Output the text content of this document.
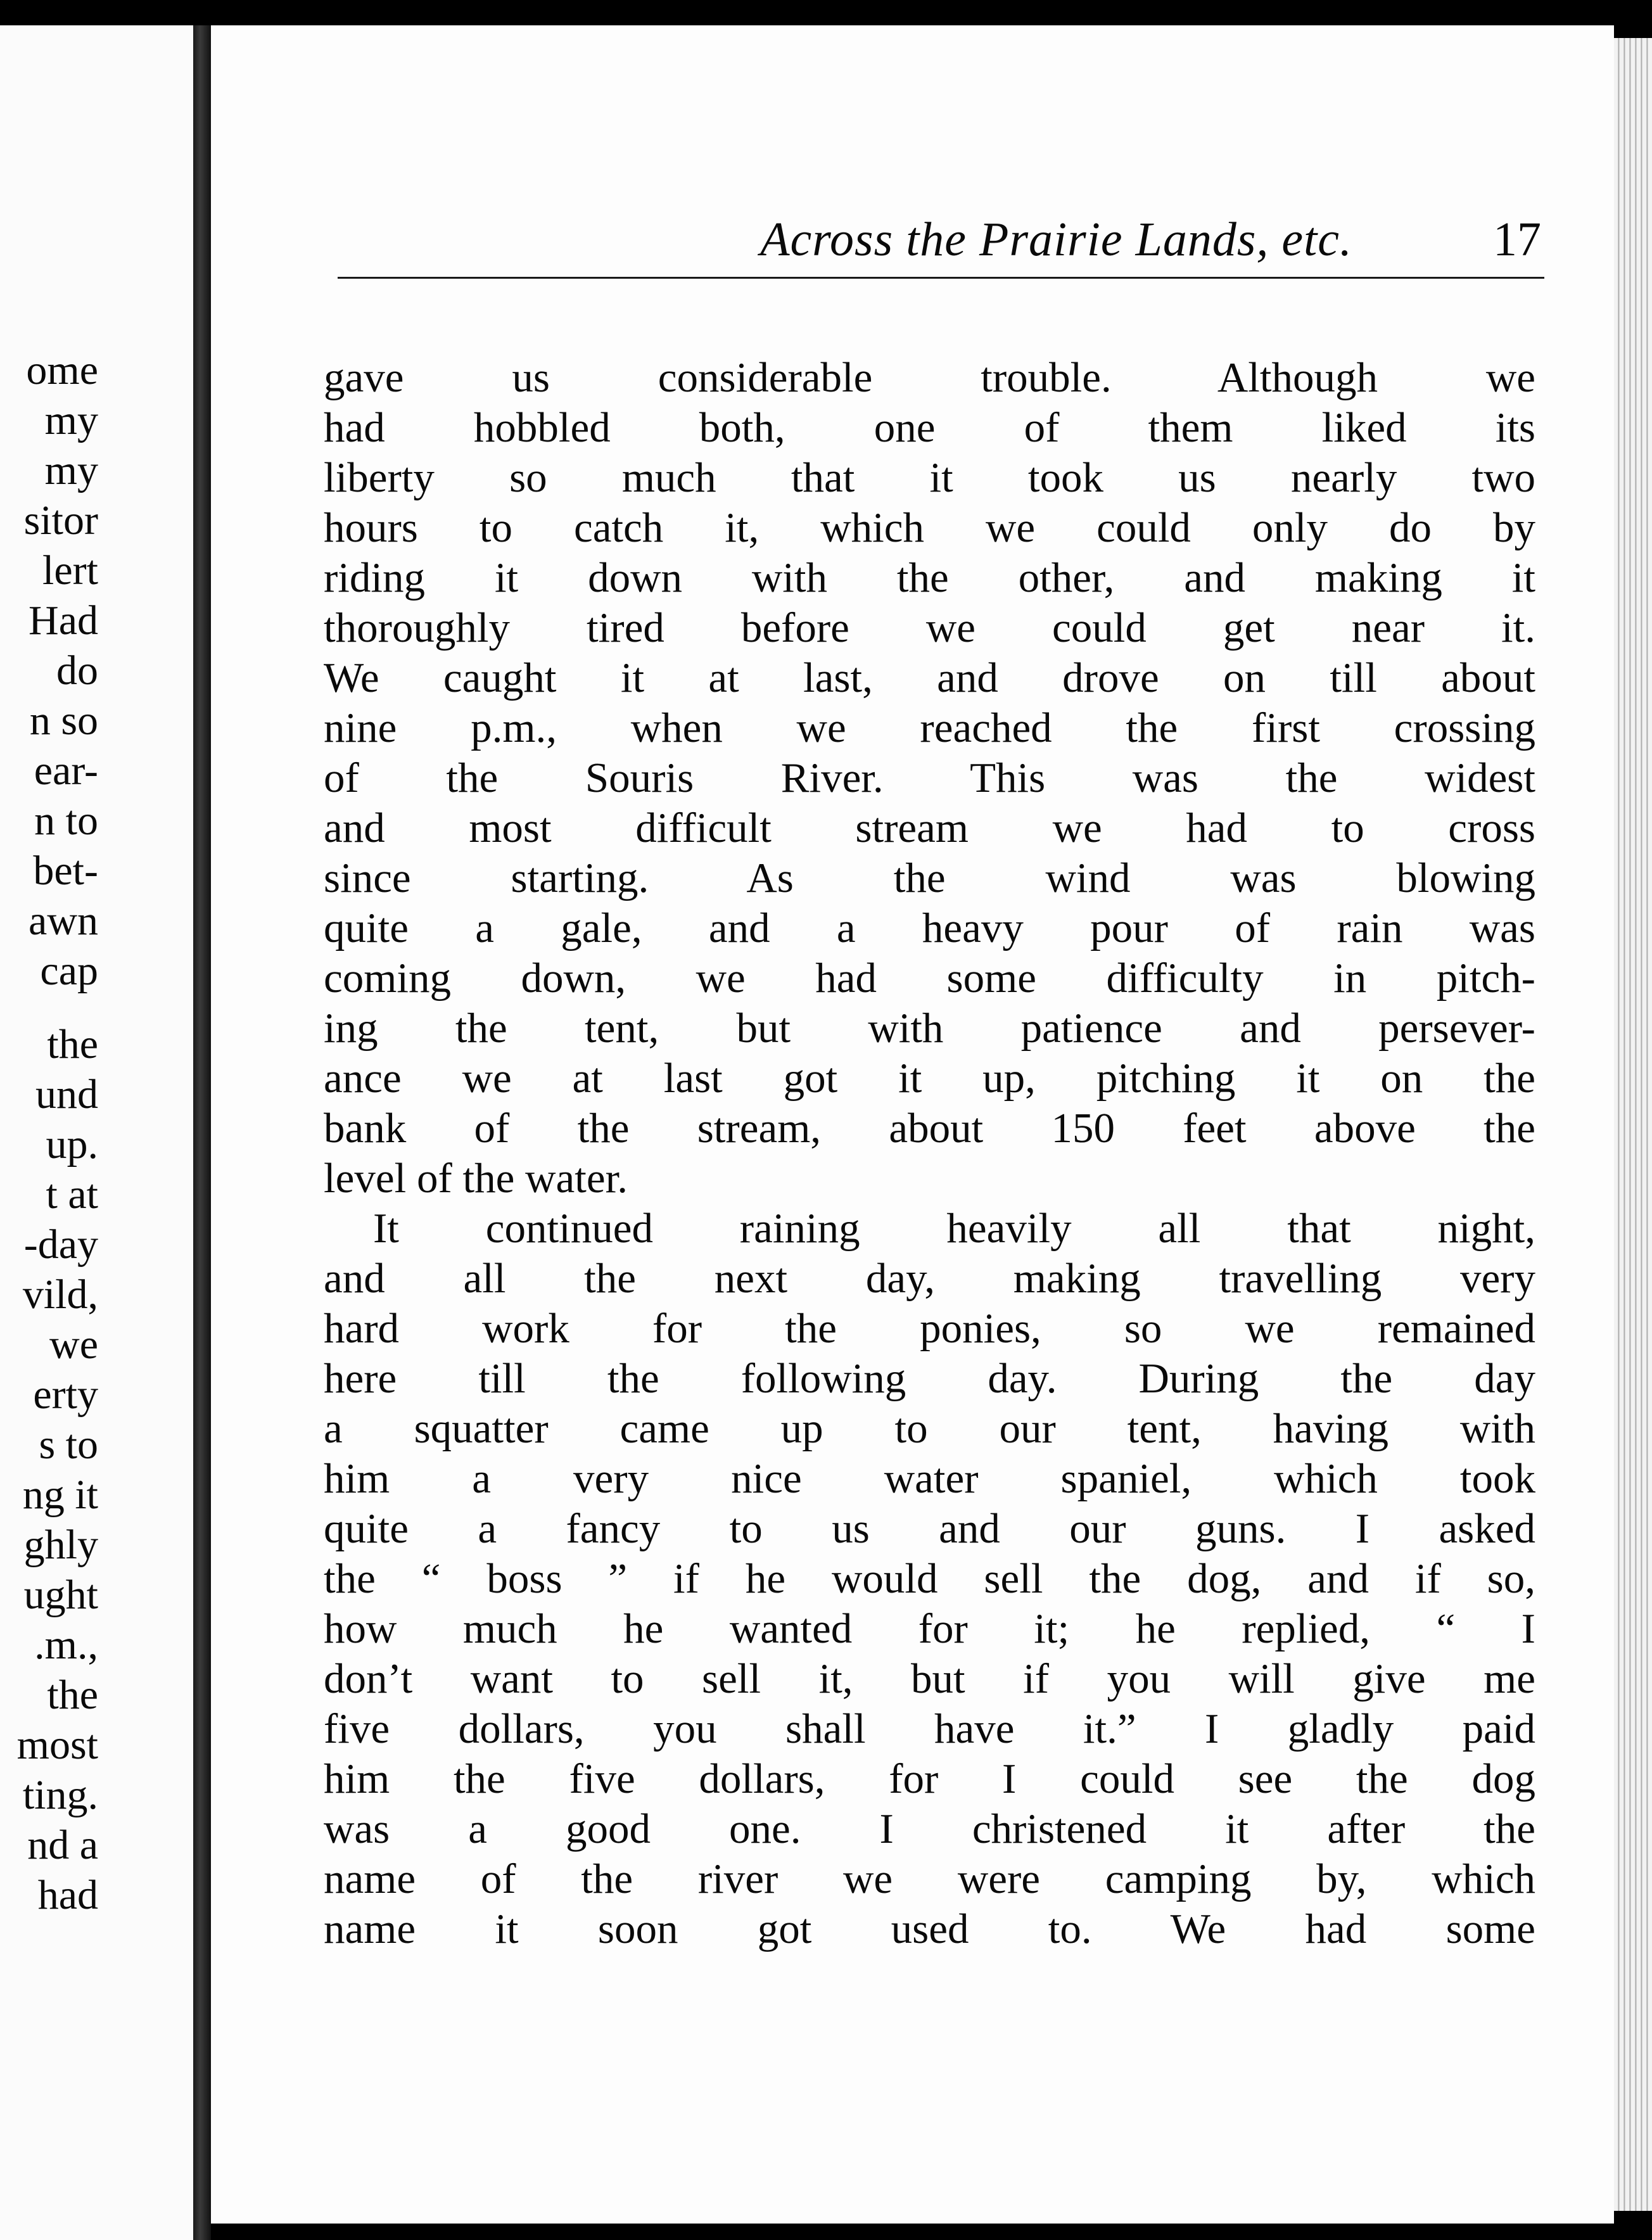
ome
my
my
sitor
lert
Had
do
n so
ear-
n to
bet-
awn
cap
the
und
up.
t at
-day
vild,
we
erty
s to
ng it
ghly
ught
.m.,
the
most
ting.
nd a
had
Across the Prairie Lands, etc.	17
gave us considerable trouble. Although we
had hobbled both, one of them liked its
liberty so much that it took us nearly two
hours to catch it, which we could only do by
riding it down with the other, and making it
thoroughly tired before we could get near it.
We caught it at last, and drove on till about
nine p.m., when we reached the first crossing
of the Souris River. This was the widest
and most difficult stream we had to cross
since starting. As the wind was blowing
quite a gale, and a heavy pour of rain was
coming down, we had some difficulty in pitch-
ing the tent, but with patience and persever-
ance we at last got it up, pitching it on the
bank of the stream, about 150 feet above the
level of the water.
It continued raining heavily all that night,
and all the next day, making travelling very
hard work for the ponies, so we remained
here till the following day. During the day
a squatter came up to our tent, having with
him a very nice water spaniel, which took
quite a fancy to us and our guns. I asked
the “ boss ” if he would sell the dog, and if so,
how much he wanted for it; he replied, “ I
don’t want to sell it, but if you will give me
five dollars, you shall have it.” I gladly paid
him the five dollars, for I could see the dog
was a good one. I christened it after the
name of the river we were camping by, which
name it soon got used to. We had some
